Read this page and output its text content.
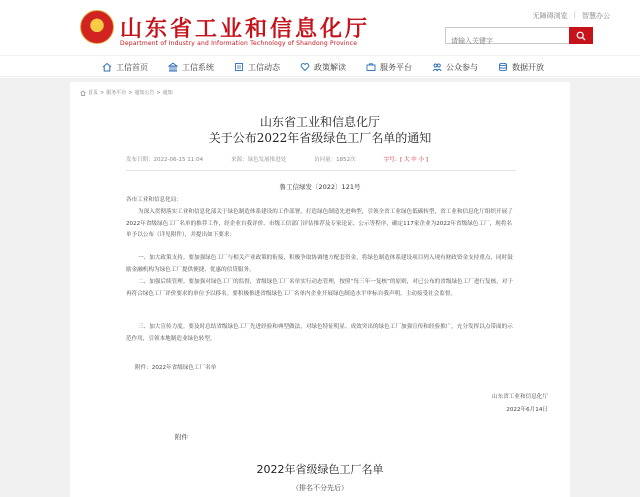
无障碍浏览 | 智慧办公
★ 山东省工业和信息化厅
Department of Industry and Information Technology of Shandong Province
请输入关键字
工信首页	工信系统	工信动态	政策解读	服务平台	公众参与	数据开放
首页 > 服务平台 > 通知公告 > 通知
山东省工业和信息化厅
关于公布2022年省级绿色工厂名单的通知
发布日期：2022-06-15 11:04	来源：绿色发展推进处	访问量：1852次	字号：[ 大 中 小 ]
鲁工信绿发〔2022〕121号
各市工业和信息化局：
为深入贯彻落实工业和信息化部关于绿色制造体系建设的工作部署，打造绿色制造先进典型，引领全省工业绿色低碳转型，省工业和信息化厅组织开展了2022年省级绿色工厂名单的推荐工作，经企业自我评价、市级工信部门评估推荐及专家论证、公示等程序，确定117家企业为2022年省级绿色工厂，现将名单予以公布（详见附件），并提出如下要求：
一、加大政策支持。要加强绿色工厂与相关产业政策的衔接，积极争取协调地方配套资金，将绿色制造体系建设项目列入现有财政资金支持重点，同时鼓励金融机构为绿色工厂提供便捷、优惠的信贷服务。
二、加强后续管理。要加强对绿色工厂的监督，省级绿色工厂名单实行动态管理，按照“每三年一复核”的原则，对已公布的省级绿色工厂进行复核，对于再符合绿色工厂评价要求的单位予以移名。要积极推进省级绿色工厂名单内企业开展绿色制造水平审标自我声明，主动接受社会监督。
三、加大宣传力度。要及时总结省级绿色工厂先进经验和典型做法，对绿色特征明显、成效突出的绿色工厂加强宣传和经验推广，充分发挥以点带面的示范作用，引领本地制造业绿色转型。
附件：2022年省级绿色工厂名单
山东省工业和信息化厅
2022年6月14日
附件
2022年省级绿色工厂名单
（排名不分先后）
